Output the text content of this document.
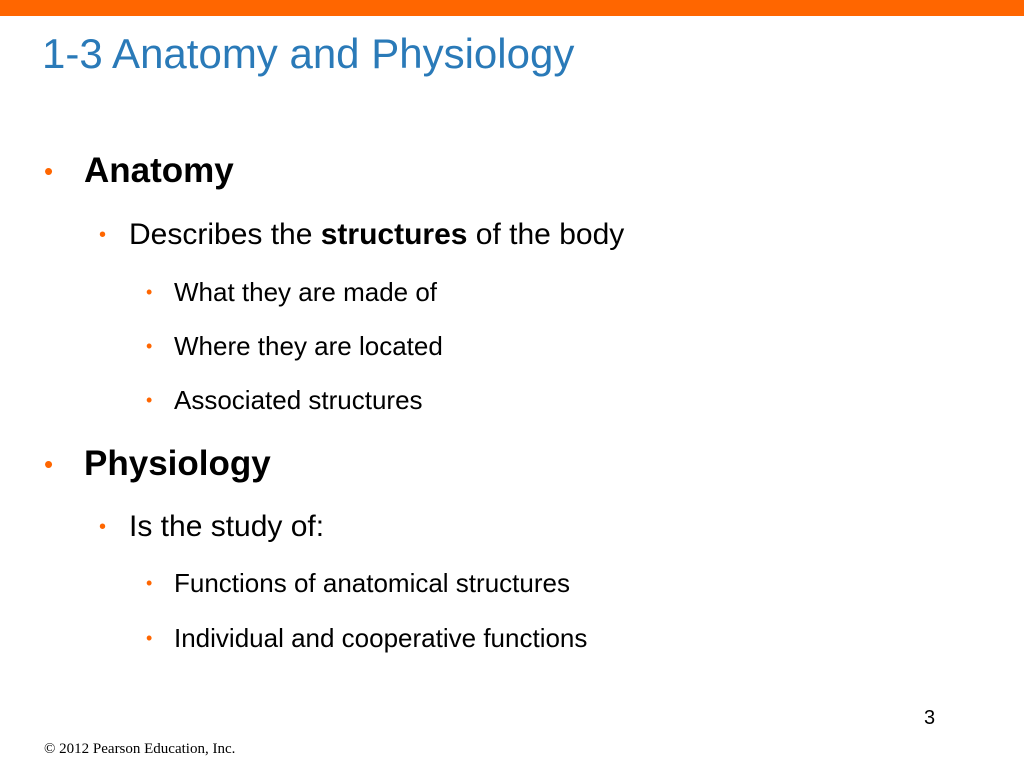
1-3 Anatomy and Physiology
• Anatomy
• Describes the structures of the body
• What they are made of
• Where they are located
• Associated structures
• Physiology
• Is the study of:
• Functions of anatomical structures
• Individual and cooperative functions
3
© 2012 Pearson Education, Inc.
